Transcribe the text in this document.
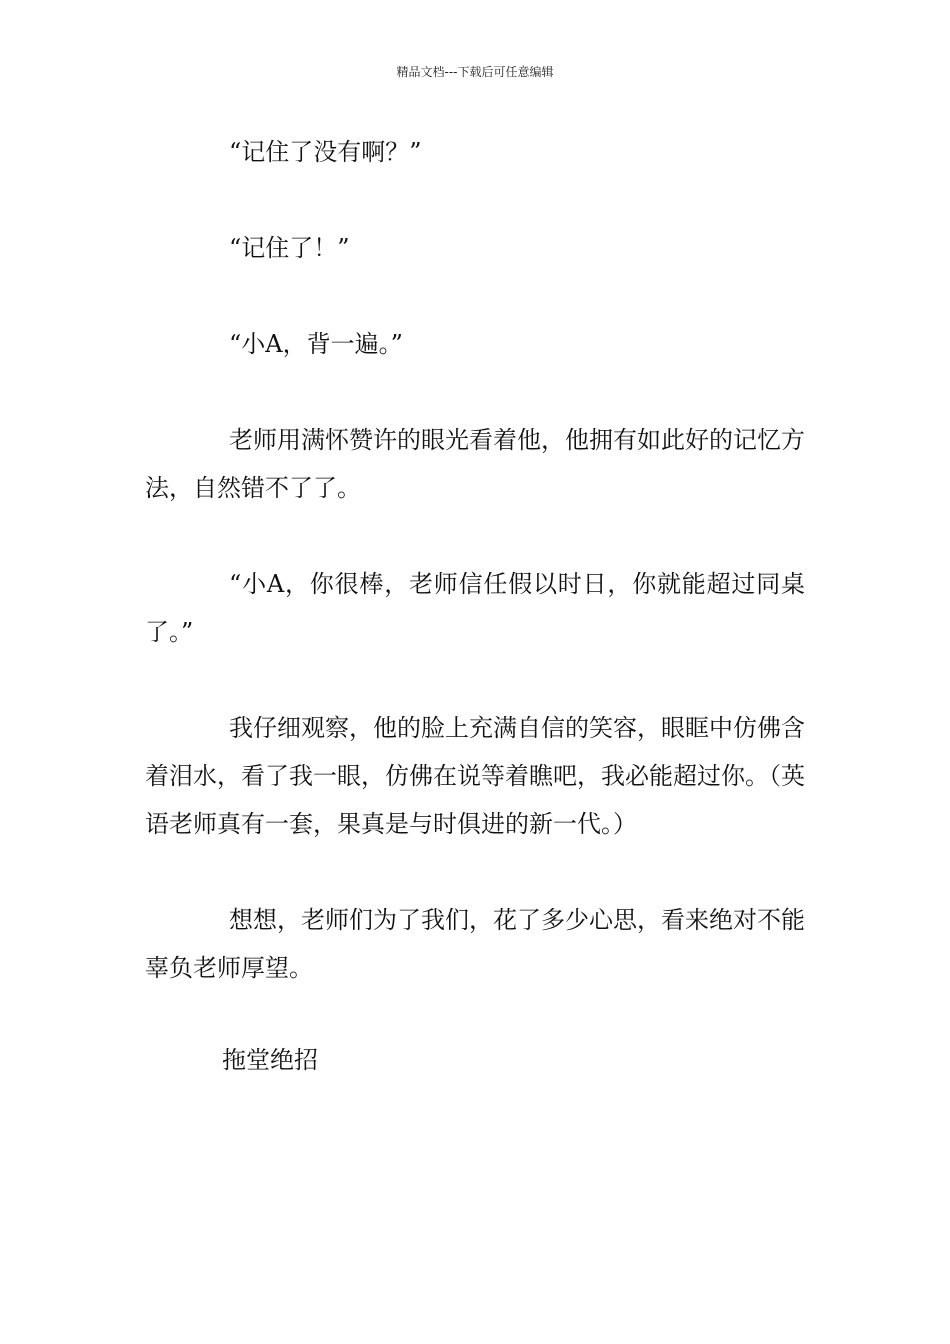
精品文档---下载后可任意编辑

“记住了没有啊？”

“记住了！”

“小A，背一遍。”

老师用满怀赞许的眼光看着他，他拥有如此好的记忆方法，自然错不了了。

“小A，你很棒，老师信任假以时日，你就能超过同桌了。”

我仔细观察，他的脸上充满自信的笑容，眼眶中仿佛含着泪水，看了我一眼，仿佛在说等着瞧吧，我必能超过你。（英语老师真有一套，果真是与时俱进的新一代。）

想想，老师们为了我们，花了多少心思，看来绝对不能辜负老师厚望。

拖堂绝招
